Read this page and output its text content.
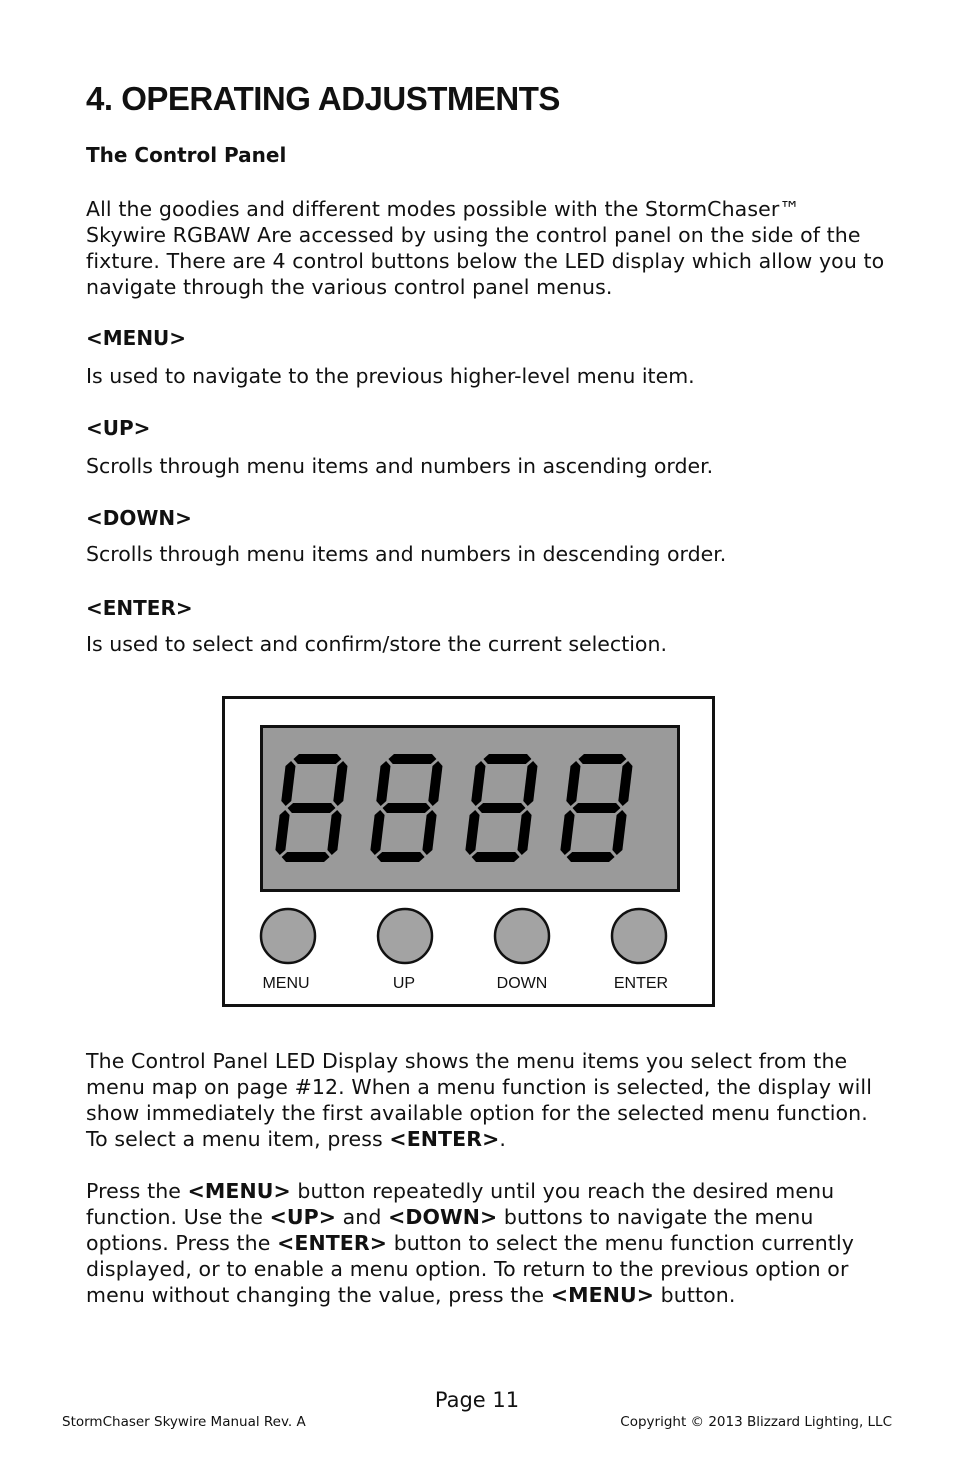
4. OPERATING ADJUSTMENTS
The Control Panel

All the goodies and different modes possible with the StormChaser™ Skywire RGBAW Are accessed by using the control panel on the side of the fixture. There are 4 control buttons below the LED display which allow you to navigate through the various control panel menus.

<MENU>

Is used to navigate to the previous higher-level menu item.

<UP>

Scrolls through menu items and numbers in ascending order.

<DOWN>

Scrolls through menu items and numbers in descending order.

<ENTER>

Is used to select and confirm/store the current selection.

MENU	UP	DOWN	ENTER

The Control Panel LED Display shows the menu items you select from the menu map on page #12. When a menu function is selected, the display will show immediately the first available option for the selected menu function. To select a menu item, press <ENTER>.

Press the <MENU> button repeatedly until you reach the desired menu function. Use the <UP> and <DOWN> buttons to navigate the menu options. Press the <ENTER> button to select the menu function currently displayed, or to enable a menu option. To return to the previous option or menu without changing the value, press the <MENU> button.

Page 11

StormChaser Skywire Manual Rev. A	Copyright © 2013 Blizzard Lighting, LLC
